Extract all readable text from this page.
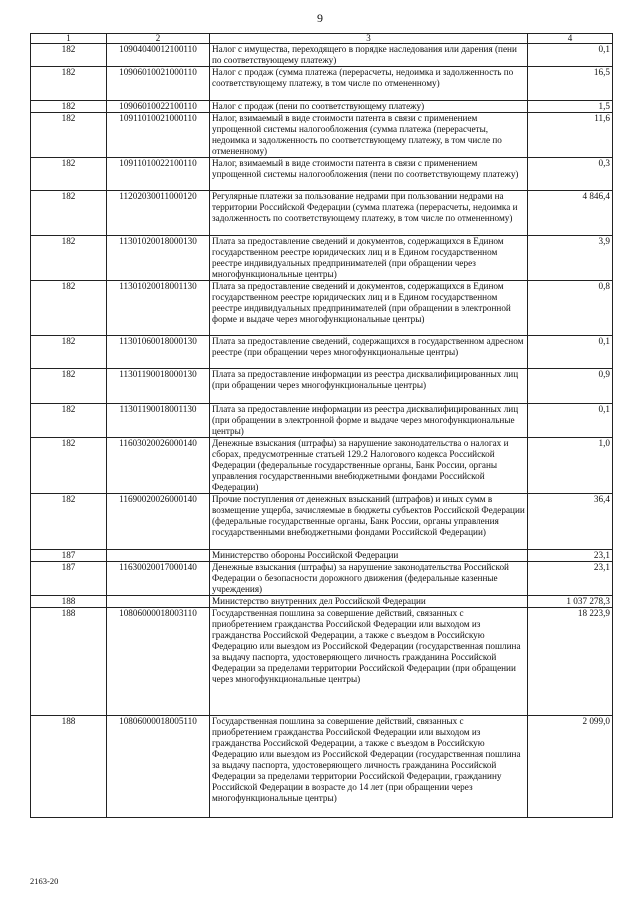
9
1	2	3	4
182	10904040012100110	Налог с имущества, переходящего в порядке наследования или дарения (пени по соответствующему платежу)	0,1
182	10906010021000110	Налог с продаж (сумма платежа (перерасчеты, недоимка и задолженность по соответствующему платежу, в том числе по отмененному)	16,5
182	10906010022100110	Налог с продаж (пени по соответствующему платежу)	1,5
182	10911010021000110	Налог, взимаемый в виде стоимости патента в связи с применением упрощенной системы налогообложения (сумма платежа (перерасчеты, недоимка и задолженность по соответствующему платежу, в том числе по отмененному)	11,6
182	10911010022100110	Налог, взимаемый в виде стоимости патента в связи с применением упрощенной системы налогообложения (пени по соответствующему платежу)	0,3
182	11202030011000120	Регулярные платежи за пользование недрами при пользовании недрами на территории Российской Федерации (сумма платежа (перерасчеты, недоимка и задолженность по соответствующему платежу, в том числе по отмененному)	4 846,4
182	11301020018000130	Плата за предоставление сведений и документов, содержащихся в Едином государственном реестре юридических лиц и в Едином государственном реестре индивидуальных предпринимателей (при обращении через многофункциональные центры)	3,9
182	11301020018001130	Плата за предоставление сведений и документов, содержащихся в Едином государственном реестре юридических лиц и в Едином государственном реестре индивидуальных предпринимателей (при обращении в электронной форме и выдаче через многофункциональные центры)	0,8
182	11301060018000130	Плата за предоставление сведений, содержащихся в государственном адресном реестре (при обращении через многофункциональные центры)	0,1
182	11301190018000130	Плата за предоставление информации из реестра дисквалифицированных лиц (при обращении через многофункциональные центры)	0,9
182	11301190018001130	Плата за предоставление информации из реестра дисквалифицированных лиц (при обращении в электронной форме и выдаче через многофункциональные центры)	0,1
182	11603020026000140	Денежные взыскания (штрафы) за нарушение законодательства о налогах и сборах, предусмотренные статьей 129.2 Налогового кодекса Российской Федерации (федеральные государственные органы, Банк России, органы управления государственными внебюджетными фондами Российской Федерации)	1,0
182	11690020026000140	Прочие поступления от денежных взысканий (штрафов) и иных сумм в возмещение ущерба, зачисляемые в бюджеты субъектов Российской Федерации (федеральные государственные органы, Банк России, органы управления государственными внебюджетными фондами Российской Федерации)	36,4
187		Министерство обороны Российской Федерации	23,1
187	11630020017000140	Денежные взыскания (штрафы) за нарушение законодательства Российской Федерации о безопасности дорожного движения (федеральные казенные учреждения)	23,1
188		Министерство внутренних дел Российской Федерации	1 037 278,3
188	10806000018003110	Государственная пошлина за совершение действий, связанных с приобретением гражданства Российской Федерации или выходом из гражданства Российской Федерации, а также с въездом в Российскую Федерацию или выездом из Российской Федерации (государственная пошлина за выдачу паспорта, удостоверяющего личность гражданина Российской Федерации за пределами территории Российской Федерации (при обращении через многофункциональные центры)	18 223,9
188	10806000018005110	Государственная пошлина за совершение действий, связанных с приобретением гражданства Российской Федерации или выходом из гражданства Российской Федерации, а также с въездом в Российскую Федерацию или выездом из Российской Федерации (государственная пошлина за выдачу паспорта, удостоверяющего личность гражданина Российской Федерации за пределами территории Российской Федерации, гражданину Российской Федерации в возрасте до 14 лет (при обращении через многофункциональные центры)	2 099,0
2163-20
